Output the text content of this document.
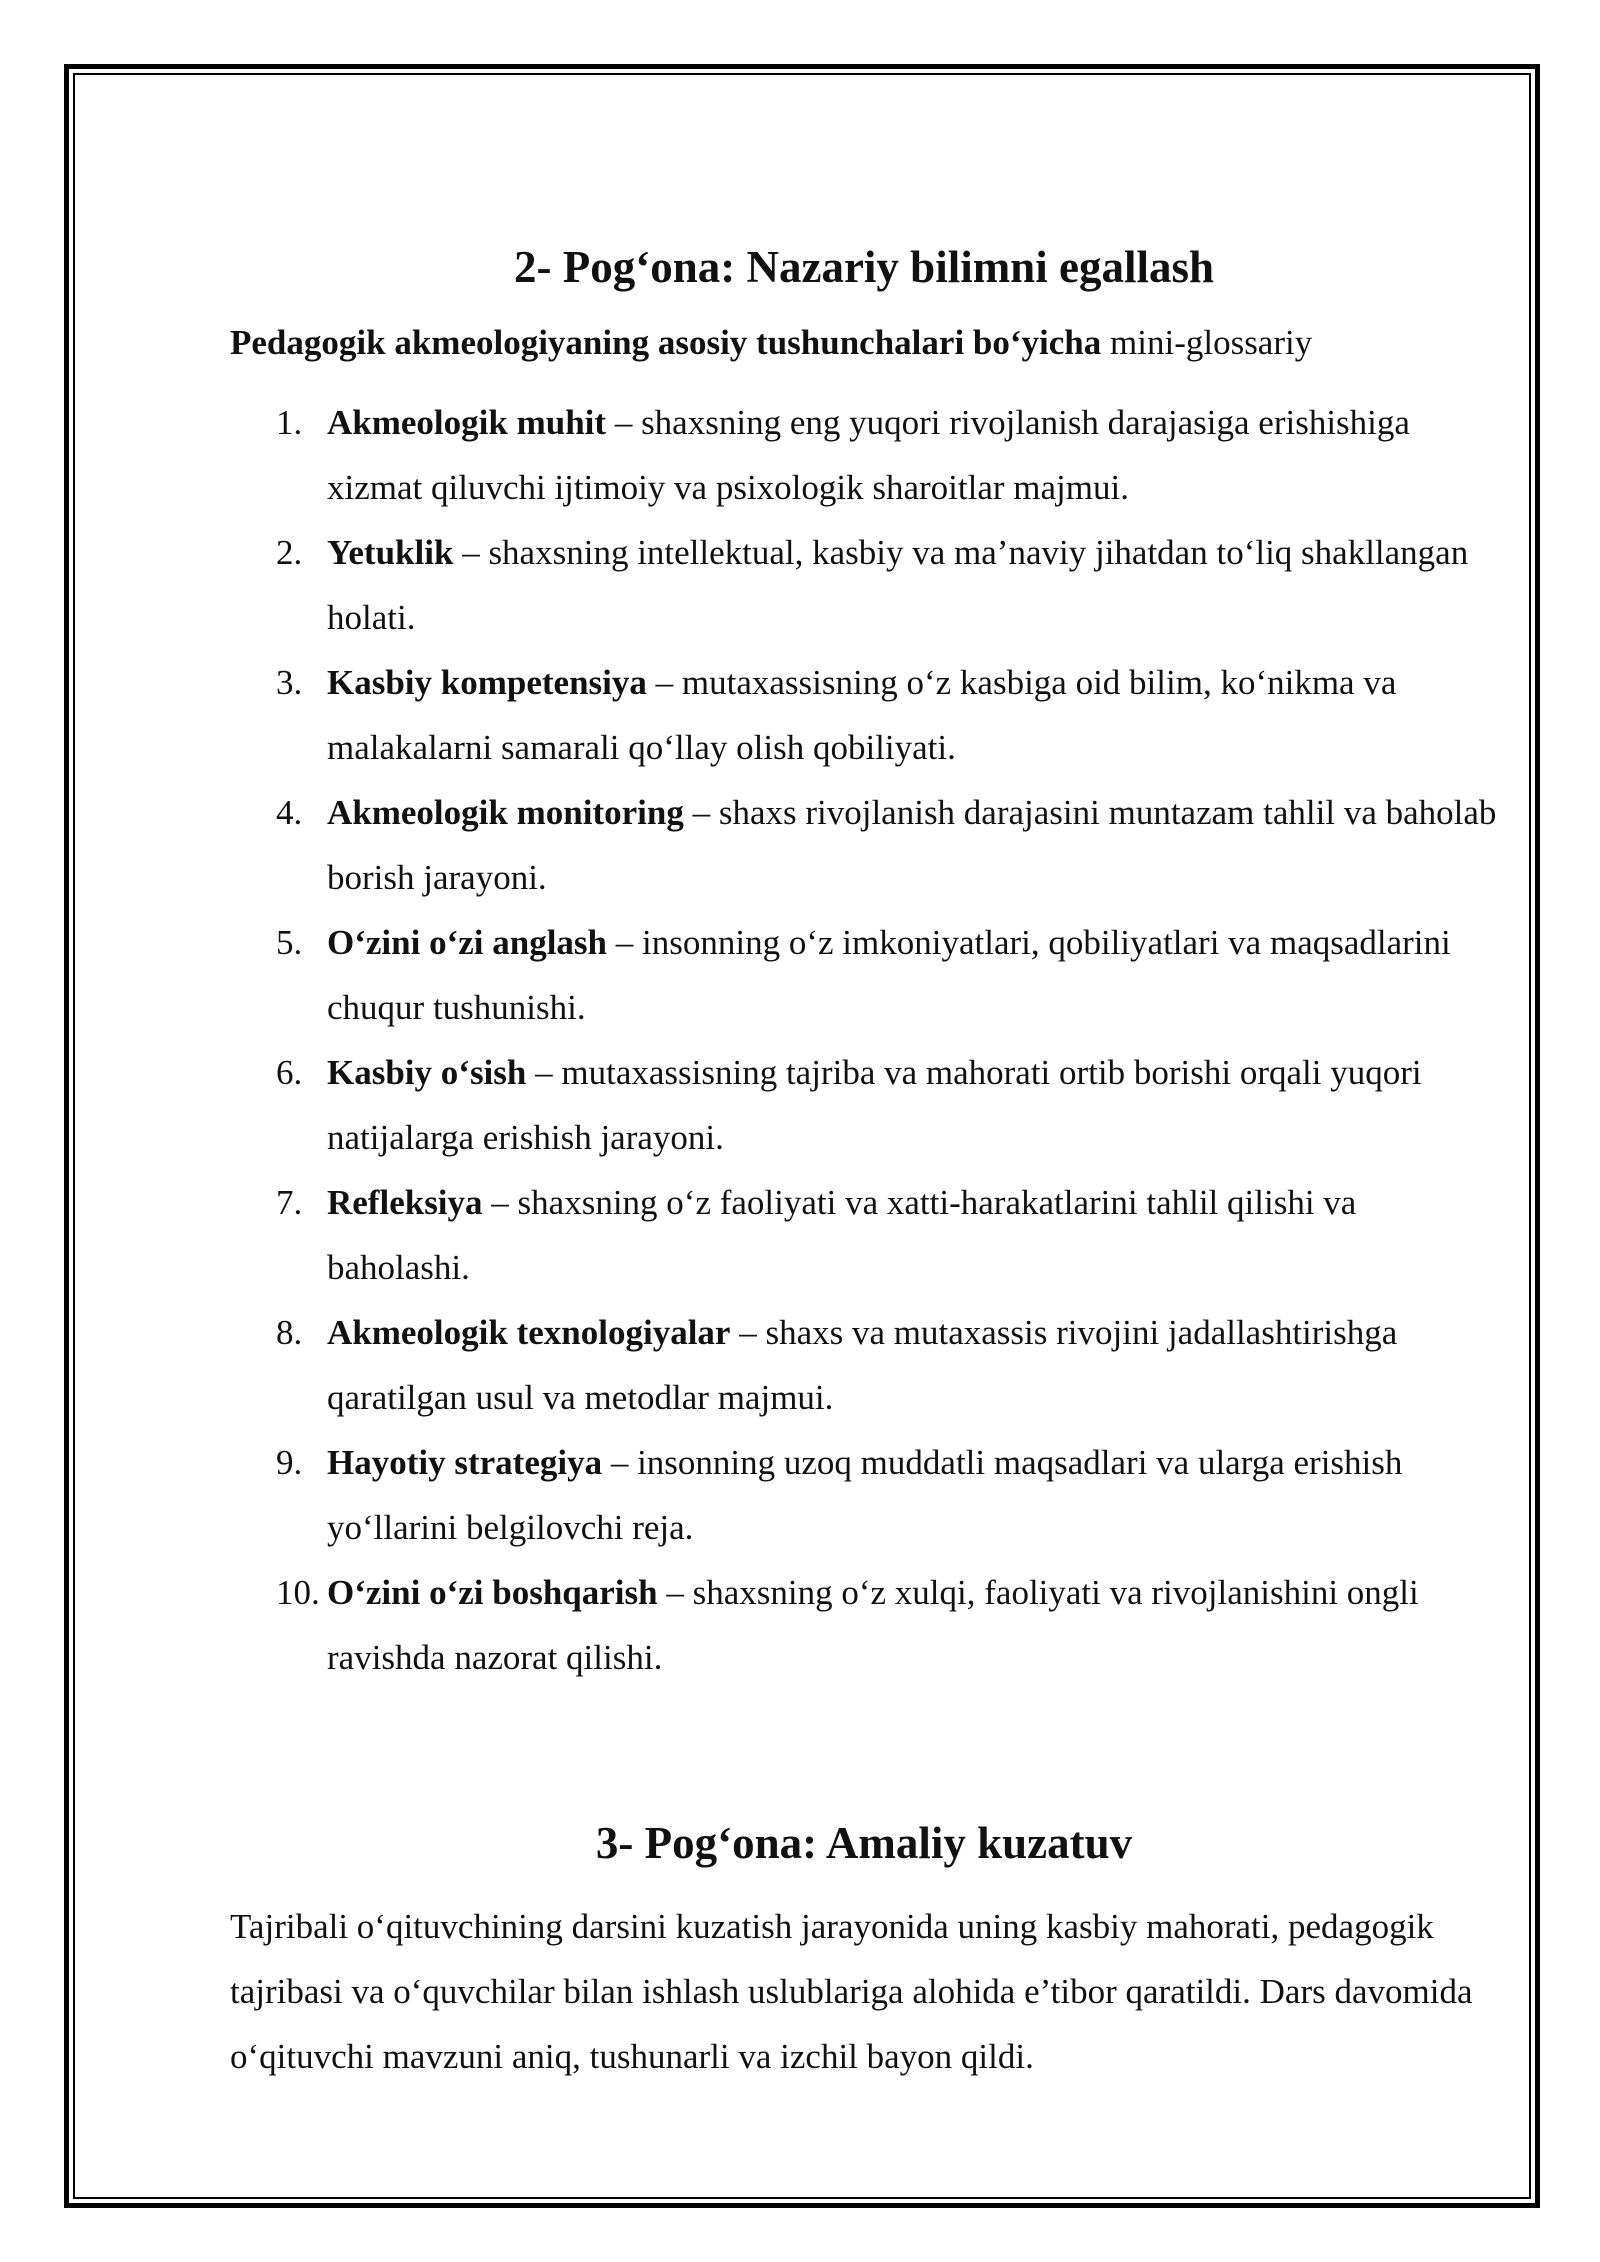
2- Pog‘ona: Nazariy bilimni egallash

Pedagogik akmeologiyaning asosiy tushunchalari bo‘yicha mini-glossariy

1. Akmeologik muhit – shaxsning eng yuqori rivojlanish darajasiga erishishiga xizmat qiluvchi ijtimoiy va psixologik sharoitlar majmui.
2. Yetuklik – shaxsning intellektual, kasbiy va ma’naviy jihatdan to‘liq shakllangan holati.
3. Kasbiy kompetensiya – mutaxassisning o‘z kasbiga oid bilim, ko‘nikma va malakalarni samarali qo‘llay olish qobiliyati.
4. Akmeologik monitoring – shaxs rivojlanish darajasini muntazam tahlil va baholab borish jarayoni.
5. O‘zini o‘zi anglash – insonning o‘z imkoniyatlari, qobiliyatlari va maqsadlarini chuqur tushunishi.
6. Kasbiy o‘sish – mutaxassisning tajriba va mahorati ortib borishi orqali yuqori natijalarga erishish jarayoni.
7. Refleksiya – shaxsning o‘z faoliyati va xatti-harakatlarini tahlil qilishi va baholashi.
8. Akmeologik texnologiyalar – shaxs va mutaxassis rivojini jadallashtirishga qaratilgan usul va metodlar majmui.
9. Hayotiy strategiya – insonning uzoq muddatli maqsadlari va ularga erishish yo‘llarini belgilovchi reja.
10. O‘zini o‘zi boshqarish – shaxsning o‘z xulqi, faoliyati va rivojlanishini ongli ravishda nazorat qilishi.
3- Pog‘ona: Amaliy kuzatuv

Tajribali o‘qituvchining darsini kuzatish jarayonida uning kasbiy mahorati, pedagogik tajribasi va o‘quvchilar bilan ishlash uslublariga alohida e’tibor qaratildi. Dars davomida o‘qituvchi mavzuni aniq, tushunarli va izchil bayon qildi.
